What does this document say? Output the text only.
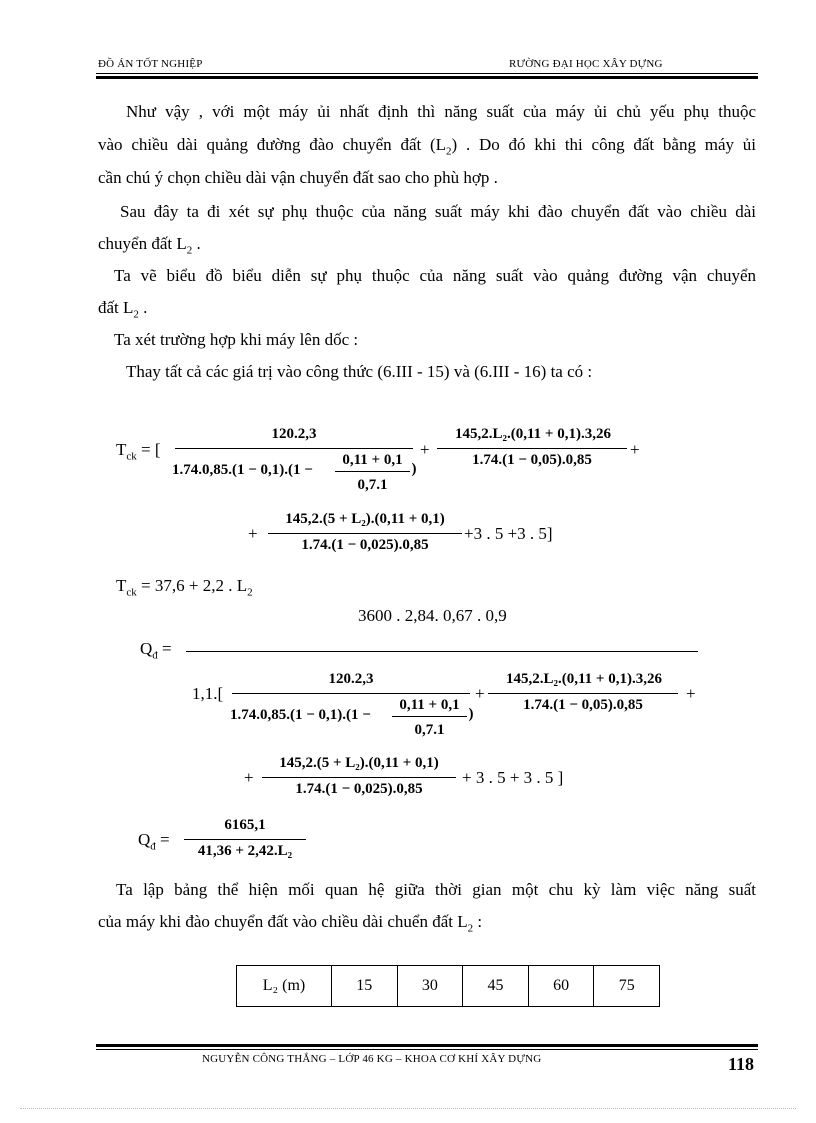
ĐỒ ÁN TỐT NGHIỆP	RƯỜNG ĐẠI HỌC XÂY DỰNG
Như vậy , với một máy ủi nhất định thì năng suất của máy ủi chủ yếu phụ thuộc
vào chiều dài quảng đường đào chuyển đất $(L_2)$ . Do đó khi thi công đất bằng máy ủi
cần chú ý chọn chiều dài vận chuyển đất sao cho phù hợp .
Sau đây ta đi xét sự phụ thuộc của năng suất máy khi đào chuyển đất vào chiều dài
chuyển đất $L_2$ .
Ta vẽ biểu đồ biểu diễn sự phụ thuộc của năng suất vào quảng đường vận chuyển
đất $L_2$ .
Ta xét trường hợp khi máy lên dốc :
Thay tất cả các giá trị vào công thức (6.III - 15) và (6.III - 16) ta có :
$T_{ck}$ = [
120.2,3
1.74.0,85.(1 − 0,1).(1 −
0,11 + 0,1
0,7.1
)
+
145,2.L₂.(0,11 + 0,1).3,26
1.74.(1 − 0,05).0,85
+
+
145,2.(5 + L₂).(0,11 + 0,1)
1.74.(1 − 0,025).0,85
+3 . 5 +3 . 5]
$T_{ck} = 37,6 + 2,2$ . $L_2$
3600 . 2,84. 0,67 . 0,9
$Q_đ$ =
1,1.[
120.2,3
1.74.0,85.(1 − 0,1).(1 −
0,11 + 0,1
0,7.1
)
+
145,2.L₂.(0,11 + 0,1).3,26
1.74.(1 − 0,05).0,85
+
+
145,2.(5 + L₂).(0,11 + 0,1)
1.74.(1 − 0,025).0,85
+ 3 . 5 + 3 . 5 ]
$Q_đ$ =
6165,1
41,36 + 2,42.L₂
Ta lập bảng thể hiện mối quan hệ giữa thời gian một chu kỳ làm việc năng suất
của máy khi đào chuyển đất vào chiều dài chuển đất $L_2$ :
L₂ (m)	15	30	45	60	75
NGUYỄN CÔNG THẮNG – LỚP 46 KG – KHOA CƠ KHÍ XÂY DỰNG	118
